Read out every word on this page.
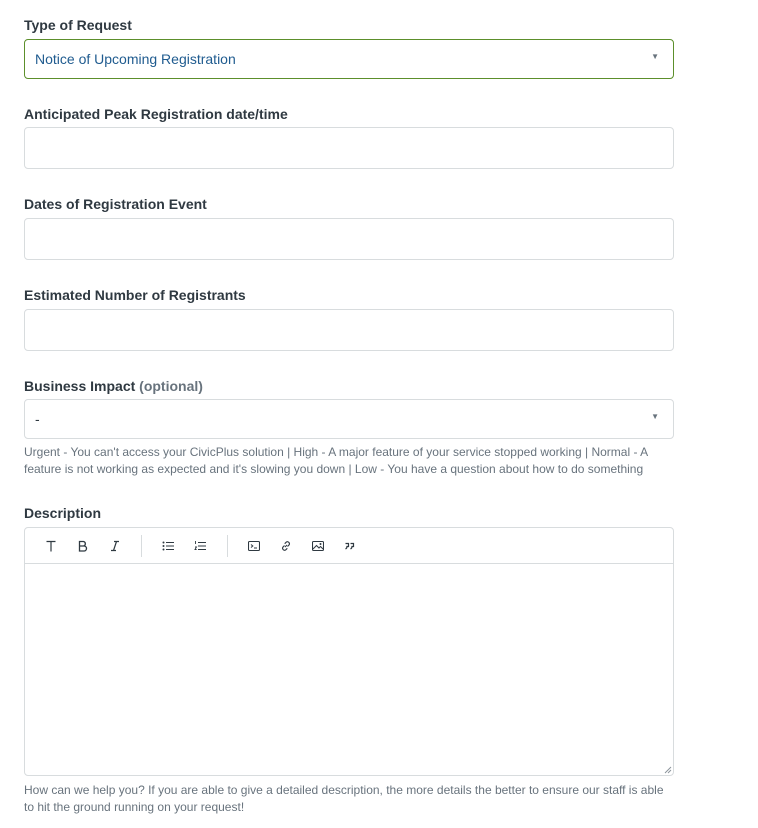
Type of Request
Notice of Upcoming Registration	▼
Anticipated Peak Registration date/time
Dates of Registration Event
Estimated Number of Registrants
Business Impact (optional)
-	▼
Urgent - You can't access your CivicPlus solution | High - A major feature of your service stopped working | Normal - A feature is not working as expected and it's slowing you down | Low - You have a question about how to do something
Description
How can we help you? If you are able to give a detailed description, the more details the better to ensure our staff is able to hit the ground running on your request!
